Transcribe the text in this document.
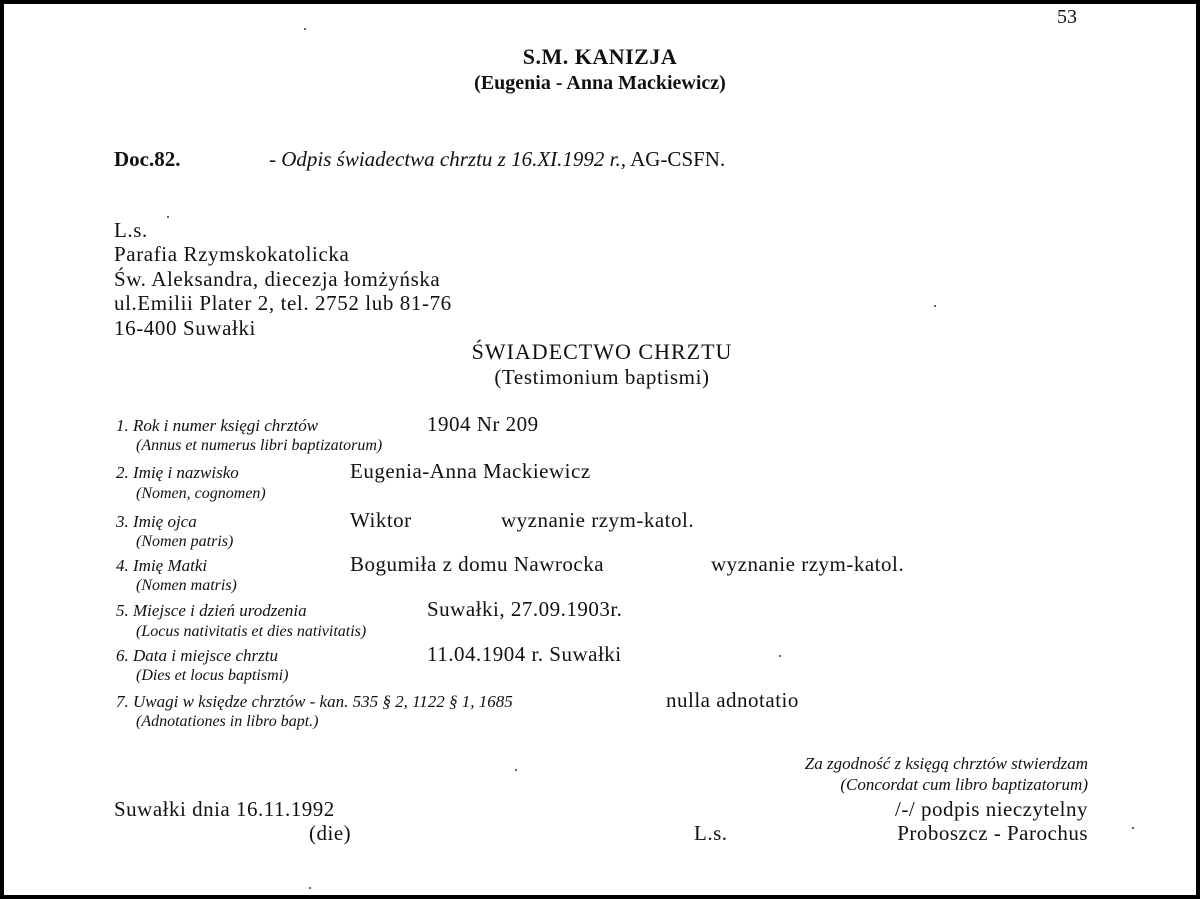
53
S.M. KANIZJA
(Eugenia - Anna Mackiewicz)
Doc.82.	- Odpis świadectwa chrztu z 16.XI.1992 r., AG-CSFN.
L.s.
Parafia Rzymskokatolicka
Św. Aleksandra, diecezja łomżyńska
ul.Emilii Plater 2, tel. 2752 lub 81-76
16-400 Suwałki
ŚWIADECTWO CHRZTU
(Testimonium baptismi)
1. Rok i numer księgi chrztów	1904 Nr 209
(Annus et numerus libri baptizatorum)
2. Imię i nazwisko	Eugenia-Anna Mackiewicz
(Nomen, cognomen)
3. Imię ojca	Wiktor	wyznanie rzym-katol.
(Nomen patris)
4. Imię Matki	Bogumiła z domu Nawrocka	wyznanie rzym-katol.
(Nomen matris)
5. Miejsce i dzień urodzenia	Suwałki, 27.09.1903r.
(Locus nativitatis et dies nativitatis)
6. Data i miejsce chrztu	11.04.1904 r. Suwałki
(Dies et locus baptismi)
7. Uwagi w księdze chrztów - kan. 535 § 2, 1122 § 1, 1685	nulla adnotatio
(Adnotationes in libro bapt.)
Za zgodność z księgą chrztów stwierdzam
(Concordat cum libro baptizatorum)
Suwałki dnia 16.11.1992	/-/ podpis nieczytelny
(die)	L.s.	Proboszcz - Parochus
